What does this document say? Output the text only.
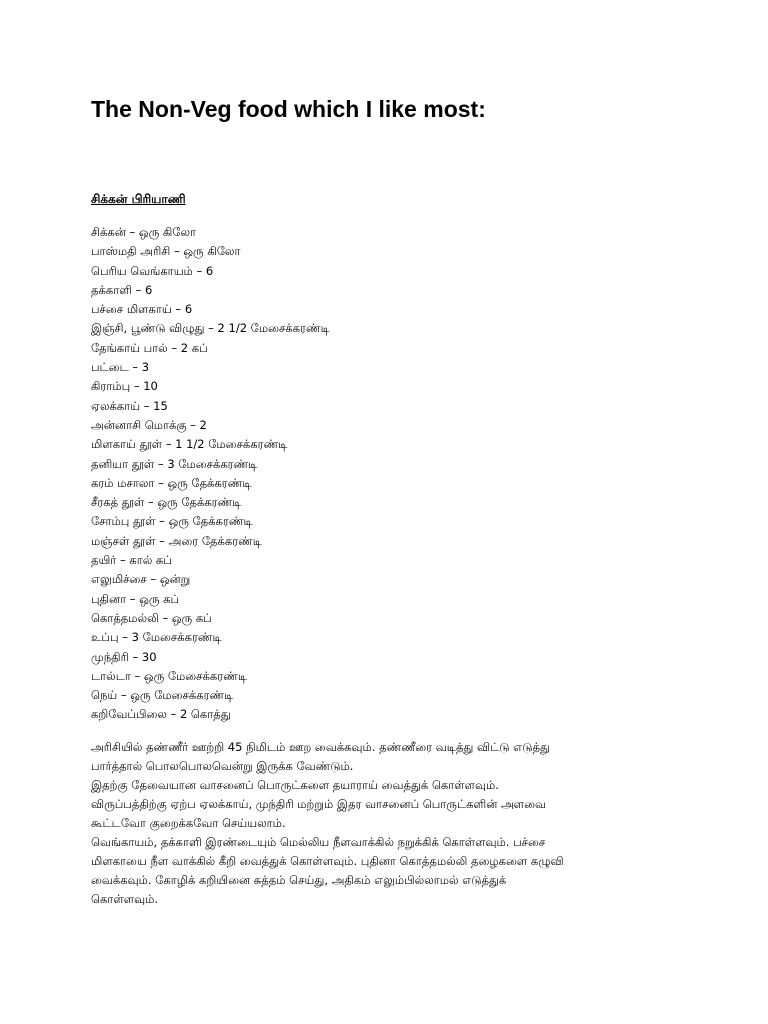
The Non-Veg food which I like most:
சிக்கன் பிரியாணி
சிக்கன் – ஒரு கிலோ
பாஸ்மதி அரிசி – ஒரு கிலோ
பெரிய வெங்காயம் – 6
தக்காளி – 6
பச்சை மிளகாய் – 6
இஞ்சி, பூண்டு விழுது – 2 1/2 மேசைக்கரண்டி
தேங்காய் பால் – 2 கப்
பட்டை – 3
கிராம்பு – 10
ஏலக்காய் – 15
அன்னாசி மொக்கு – 2
மிளகாய் தூள் – 1 1/2 மேசைக்கரண்டி
தனியா தூள் – 3 மேசைக்கரண்டி
கரம் மசாலா – ஒரு தேக்கரண்டி
சீரகத் தூள் – ஒரு தேக்கரண்டி
சோம்பு தூள் – ஒரு தேக்கரண்டி
மஞ்சள் தூள் – அரை தேக்கரண்டி
தயிர் – கால் கப்
எலுமிச்சை – ஒன்று
புதினா – ஒரு கப்
கொத்தமல்லி – ஒரு கப்
உப்பு – 3 மேசைக்கரண்டி
முந்திரி – 30
டால்டா – ஒரு மேசைக்கரண்டி
நெய் – ஒரு மேசைக்கரண்டி
கறிவேப்பிலை – 2 கொத்து
அரிசியில் தண்ணீர் ஊற்றி 45 நிமிடம் ஊற வைக்கவும். தண்ணீரை வடித்து விட்டு எடுத்து
பார்த்தால் பொலபொலவென்று இருக்க வேண்டும்.
இதற்கு தேவையான வாசனைப் பொருட்களை தயாராய் வைத்துக் கொள்ளவும்.
விருப்பத்திற்கு ஏற்ப ஏலக்காய், முந்திரி மற்றும் இதர வாசனைப் பொருட்களின் அளவை
கூட்டவோ குறைக்கவோ செய்யலாம்.
வெங்காயம், தக்காளி இரண்டையும் மெல்லிய நீளவாக்கில் நறுக்கிக் கொள்ளவும். பச்சை
மிளகாயை நீள வாக்கில் கீறி வைத்துக் கொள்ளவும். புதினா கொத்தமல்லி தழைகளை கழுவி
வைக்கவும். கோழிக் கறியினை சுத்தம் செய்து, அதிகம் எலும்பில்லாமல் எடுத்துக்
கொள்ளவும்.
